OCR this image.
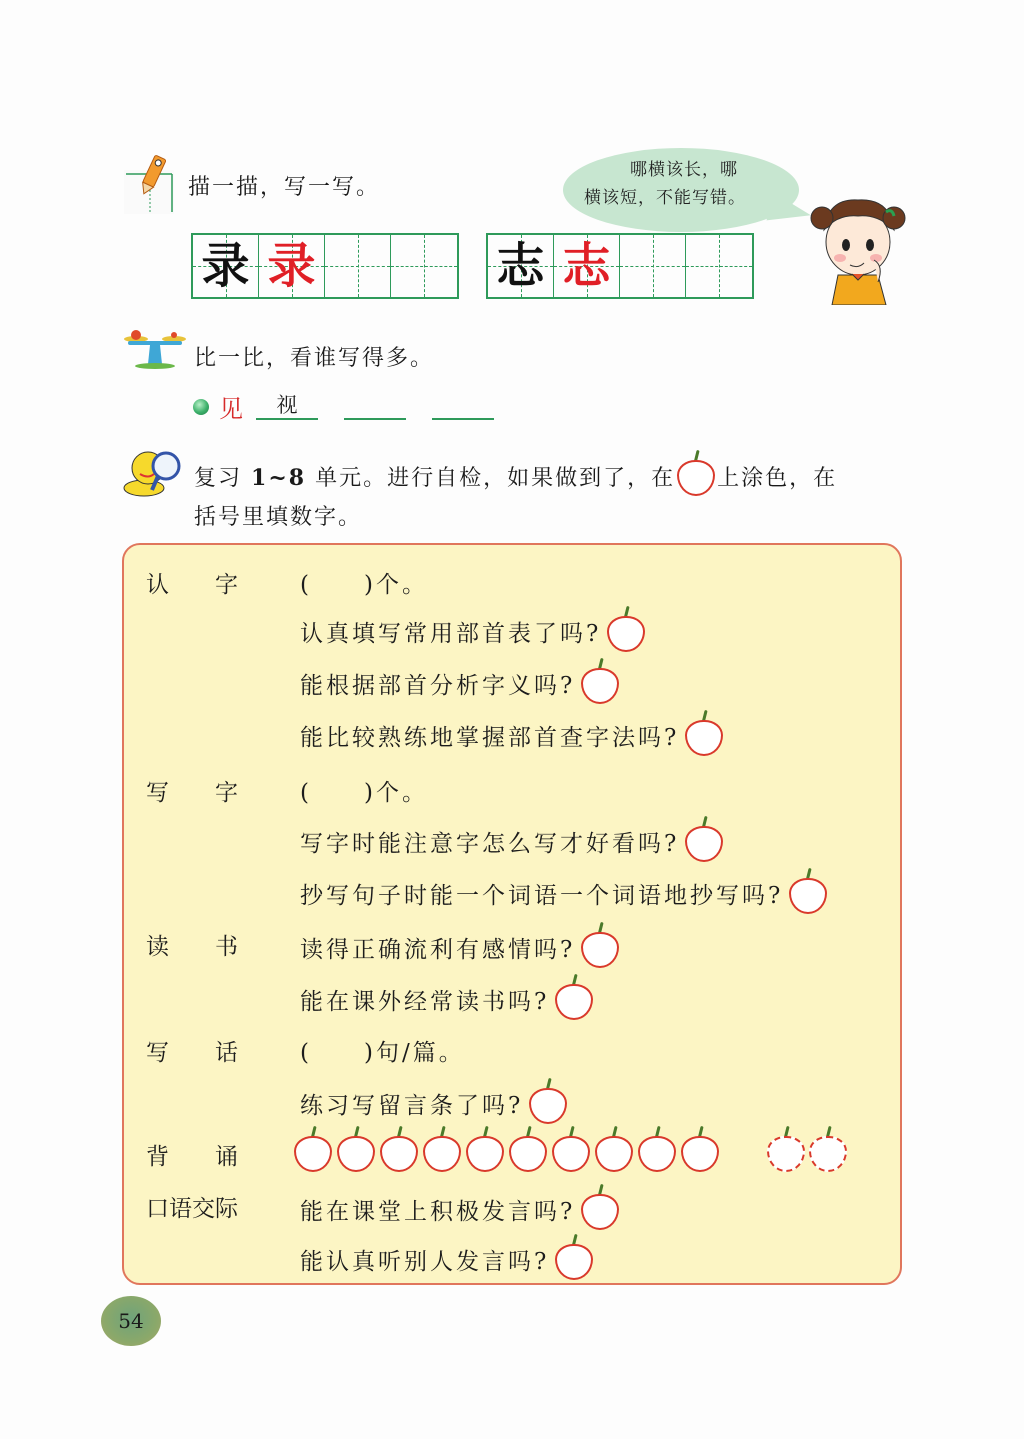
描一描，写一写。
录 录	志 志
哪横该长，哪
横该短，不能写错。
比一比，看谁写得多。
见	视
复习 1~8 单元。进行自检，如果做到了，在 上涂色，在
括号里填数字。
认　　字	(　　)个。
认真填写常用部首表了吗?
能根据部首分析字义吗?
能比较熟练地掌握部首查字法吗?
写　　字	(　　)个。
写字时能注意字怎么写才好看吗?
抄写句子时能一个词语一个词语地抄写吗?
读　　书	读得正确流利有感情吗?
能在课外经常读书吗?
写　　话	(　　)句/篇。
练习写留言条了吗?
背　　诵
口语交际	能在课堂上积极发言吗?
能认真听别人发言吗?
54
